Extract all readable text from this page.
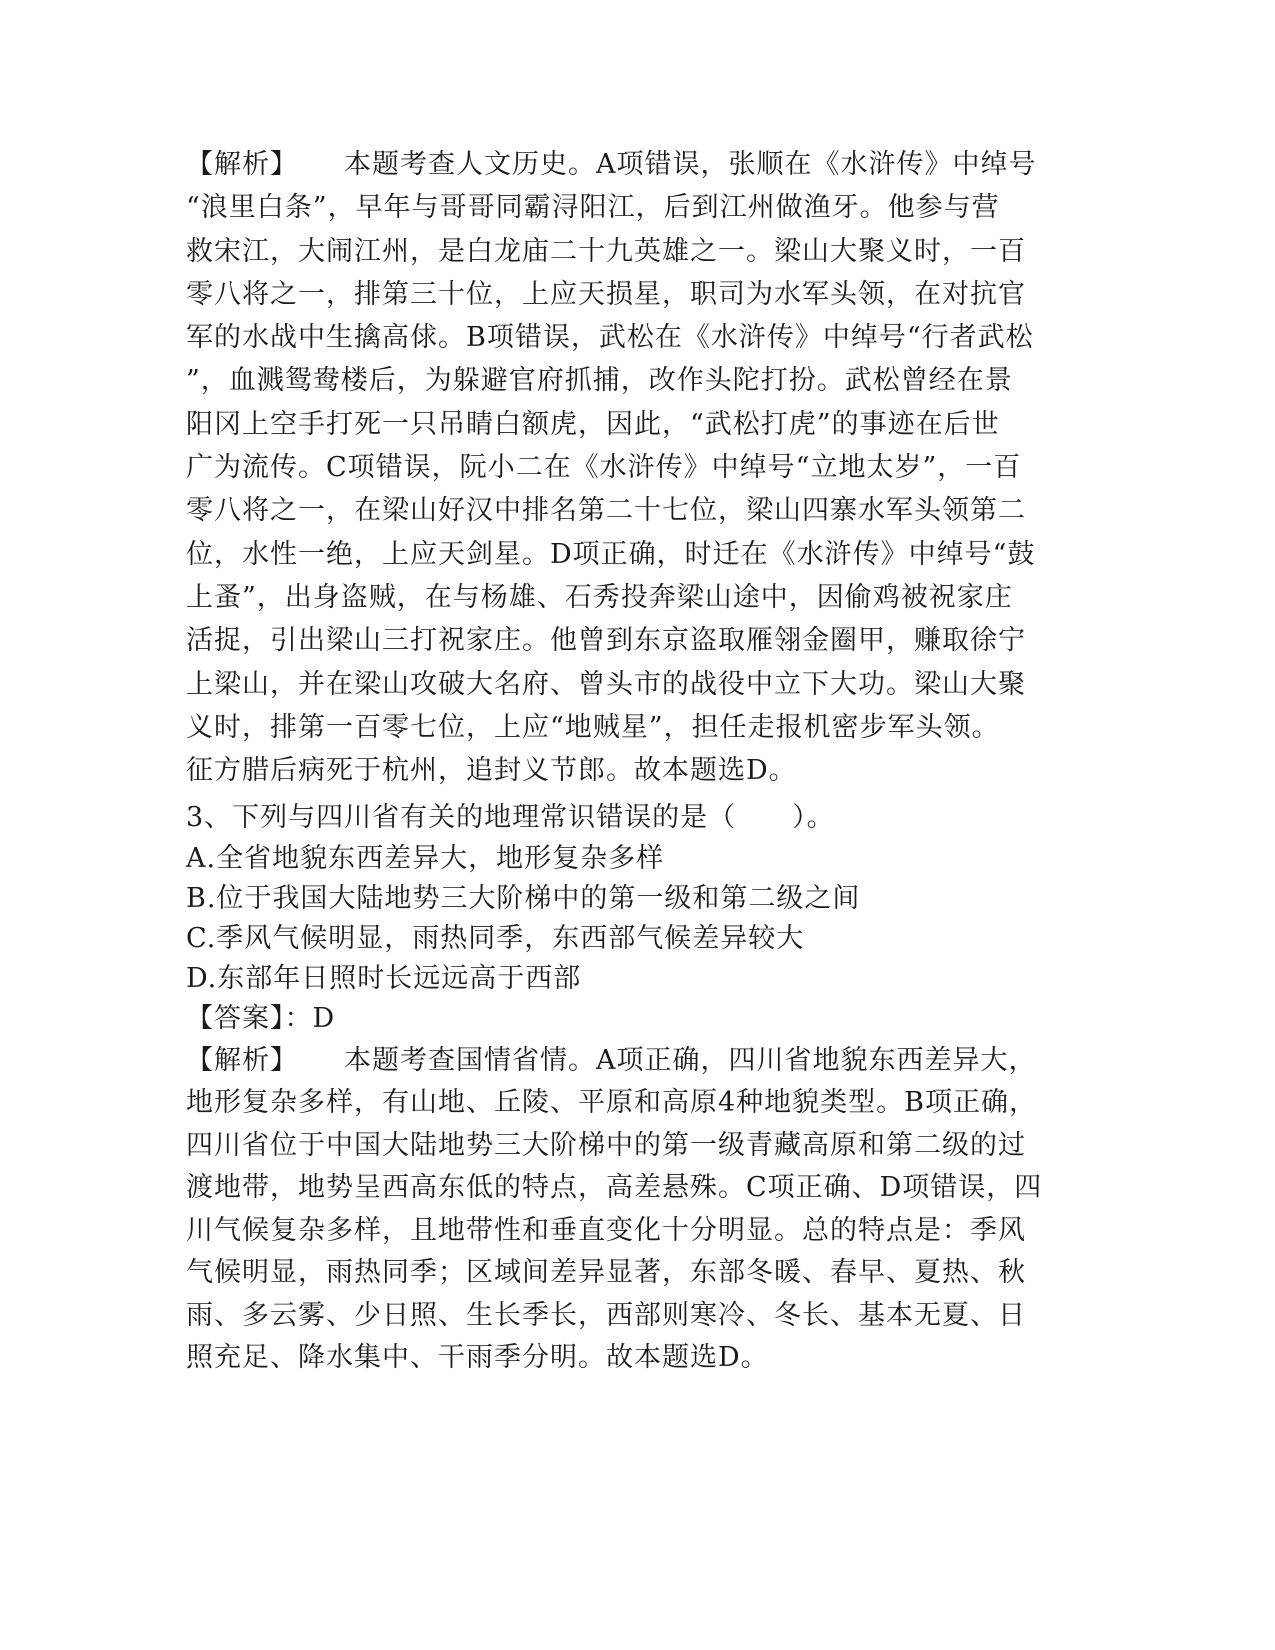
【解析】 本题考查人文历史。A项错误，张顺在《水浒传》中绰号
“浪里白条”，早年与哥哥同霸浔阳江，后到江州做渔牙。他参与营
救宋江，大闹江州，是白龙庙二十九英雄之一。梁山大聚义时，一百
零八将之一，排第三十位，上应天损星，职司为水军头领，在对抗官
军的水战中生擒高俅。B项错误，武松在《水浒传》中绰号“行者武松
”，血溅鸳鸯楼后，为躲避官府抓捕，改作头陀打扮。武松曾经在景
阳冈上空手打死一只吊睛白额虎，因此，“武松打虎”的事迹在后世
广为流传。C项错误，阮小二在《水浒传》中绰号“立地太岁”，一百
零八将之一，在梁山好汉中排名第二十七位，梁山四寨水军头领第二
位，水性一绝，上应天剑星。D项正确，时迁在《水浒传》中绰号“鼓
上蚤”，出身盗贼，在与杨雄、石秀投奔梁山途中，因偷鸡被祝家庄
活捉，引出梁山三打祝家庄。他曾到东京盗取雁翎金圈甲，赚取徐宁
上梁山，并在梁山攻破大名府、曾头市的战役中立下大功。梁山大聚
义时，排第一百零七位，上应“地贼星”，担任走报机密步军头领。
征方腊后病死于杭州，追封义节郎。故本题选D。
3、下列与四川省有关的地理常识错误的是（　　）。
A.全省地貌东西差异大，地形复杂多样
B.位于我国大陆地势三大阶梯中的第一级和第二级之间
C.季风气候明显，雨热同季，东西部气候差异较大
D.东部年日照时长远远高于西部
【答案】：D
【解析】 本题考查国情省情。A项正确，四川省地貌东西差异大，
地形复杂多样，有山地、丘陵、平原和高原4种地貌类型。B项正确，
四川省位于中国大陆地势三大阶梯中的第一级青藏高原和第二级的过
渡地带，地势呈西高东低的特点，高差悬殊。C项正确、D项错误，四
川气候复杂多样，且地带性和垂直变化十分明显。总的特点是：季风
气候明显，雨热同季；区域间差异显著，东部冬暖、春早、夏热、秋
雨、多云雾、少日照、生长季长，西部则寒冷、冬长、基本无夏、日
照充足、降水集中、干雨季分明。故本题选D。
